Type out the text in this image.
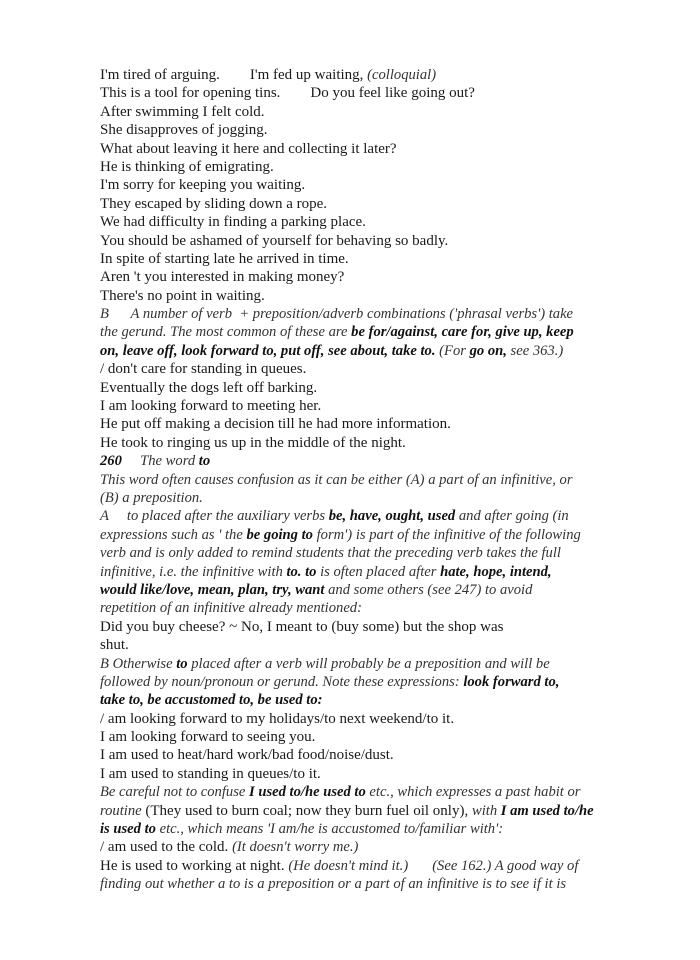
I'm tired of arguing. I'm fed up waiting, (colloquial)
This is a tool for opening tins. Do you feel like going out?
After swimming I felt cold.
She disapproves of jogging.
What about leaving it here and collecting it later?
He is thinking of emigrating.
I'm sorry for keeping you waiting.
They escaped by sliding down a rope.
We had difficulty in finding a parking place.
You should be ashamed of yourself for behaving so badly.
In spite of starting late he arrived in time.
Aren 't you interested in making money?
There's no point in waiting.
B      A number of verb  + preposition/adverb combinations ('phrasal verbs') take
the gerund. The most common of these are be for/against, care for, give up, keep
on, leave off, look forward to, put off, see about, take to. (For go on, see 363.)
/ don't care for standing in queues.
Eventually the dogs left off barking.
I am looking forward to meeting her.
He put off making a decision till he had more information.
He took to ringing us up in the middle of the night.
260     The word to
This word often causes confusion as it can be either (A) a part of an infinitive, or
(B) a preposition.
A     to placed after the auxiliary verbs be, have, ought, used and after going (in
expressions such as ' the be going to form') is part of the infinitive of the following
verb and is only added to remind students that the preceding verb takes the full
infinitive, i.e. the infinitive with to. to is often placed after hate, hope, intend,
would like/love, mean, plan, try, want and some others (see 247) to avoid
repetition of an infinitive already mentioned:
Did you buy cheese? ~ No, I meant to (buy some) but the shop was
shut.
B Otherwise to placed after a verb will probably be a preposition and will be
followed by noun/pronoun or gerund. Note these expressions: look forward to,
take to, be accustomed to, be used to:
/ am looking forward to my holidays/to next weekend/to it.
I am looking forward to seeing you.
I am used to heat/hard work/bad food/noise/dust.
I am used to standing in queues/to it.
Be careful not to confuse I used to/he used to etc., which expresses a past habit or
routine (They used to burn coal; now they burn fuel oil only), with I am used to/he
is used to etc., which means 'I am/he is accustomed to/familiar with':
/ am used to the cold. (It doesn't worry me.)
He is used to working at night. (He doesn't mind it.) (See 162.) A good way of
finding out whether a to is a preposition or a part of an infinitive is to see if it is
